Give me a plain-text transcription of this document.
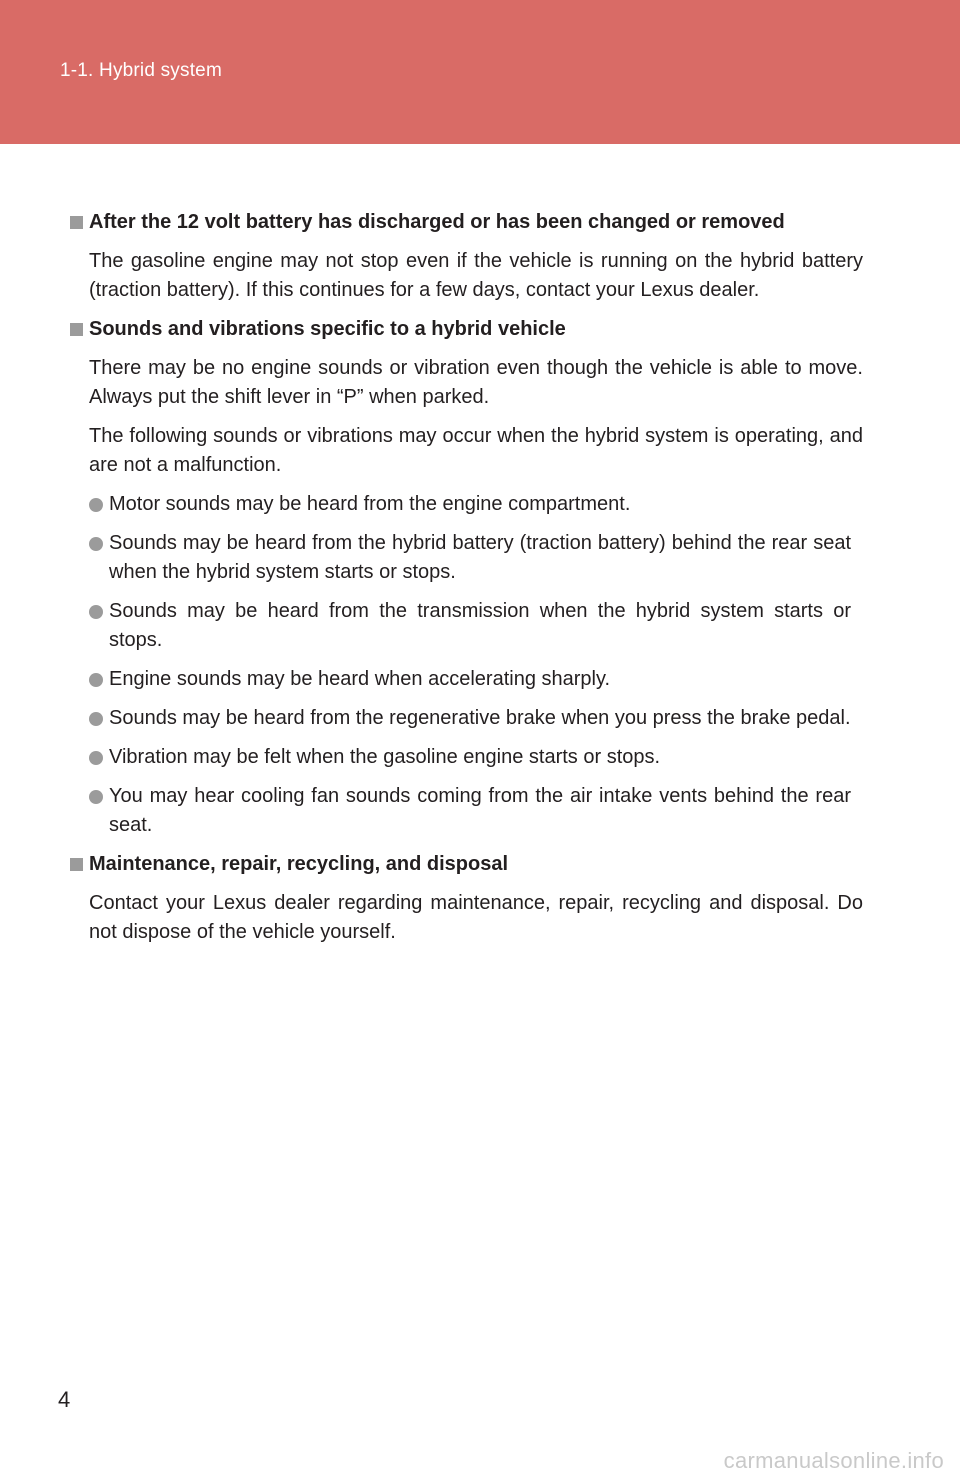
1-1. Hybrid system
After the 12 volt battery has discharged or has been changed or removed

The gasoline engine may not stop even if the vehicle is running on the hybrid battery (traction battery). If this continues for a few days, contact your Lexus dealer.

Sounds and vibrations specific to a hybrid vehicle

There may be no engine sounds or vibration even though the vehicle is able to move. Always put the shift lever in “P” when parked.

The following sounds or vibrations may occur when the hybrid system is operating, and are not a malfunction.

Motor sounds may be heard from the engine compartment.
Sounds may be heard from the hybrid battery (traction battery) behind the rear seat when the hybrid system starts or stops.
Sounds may be heard from the transmission when the hybrid system starts or stops.
Engine sounds may be heard when accelerating sharply.
Sounds may be heard from the regenerative brake when you press the brake pedal.
Vibration may be felt when the gasoline engine starts or stops.
You may hear cooling fan sounds coming from the air intake vents behind the rear seat.
Maintenance, repair, recycling, and disposal

Contact your Lexus dealer regarding maintenance, repair, recycling and disposal. Do not dispose of the vehicle yourself.

4
carmanualsonline.info
